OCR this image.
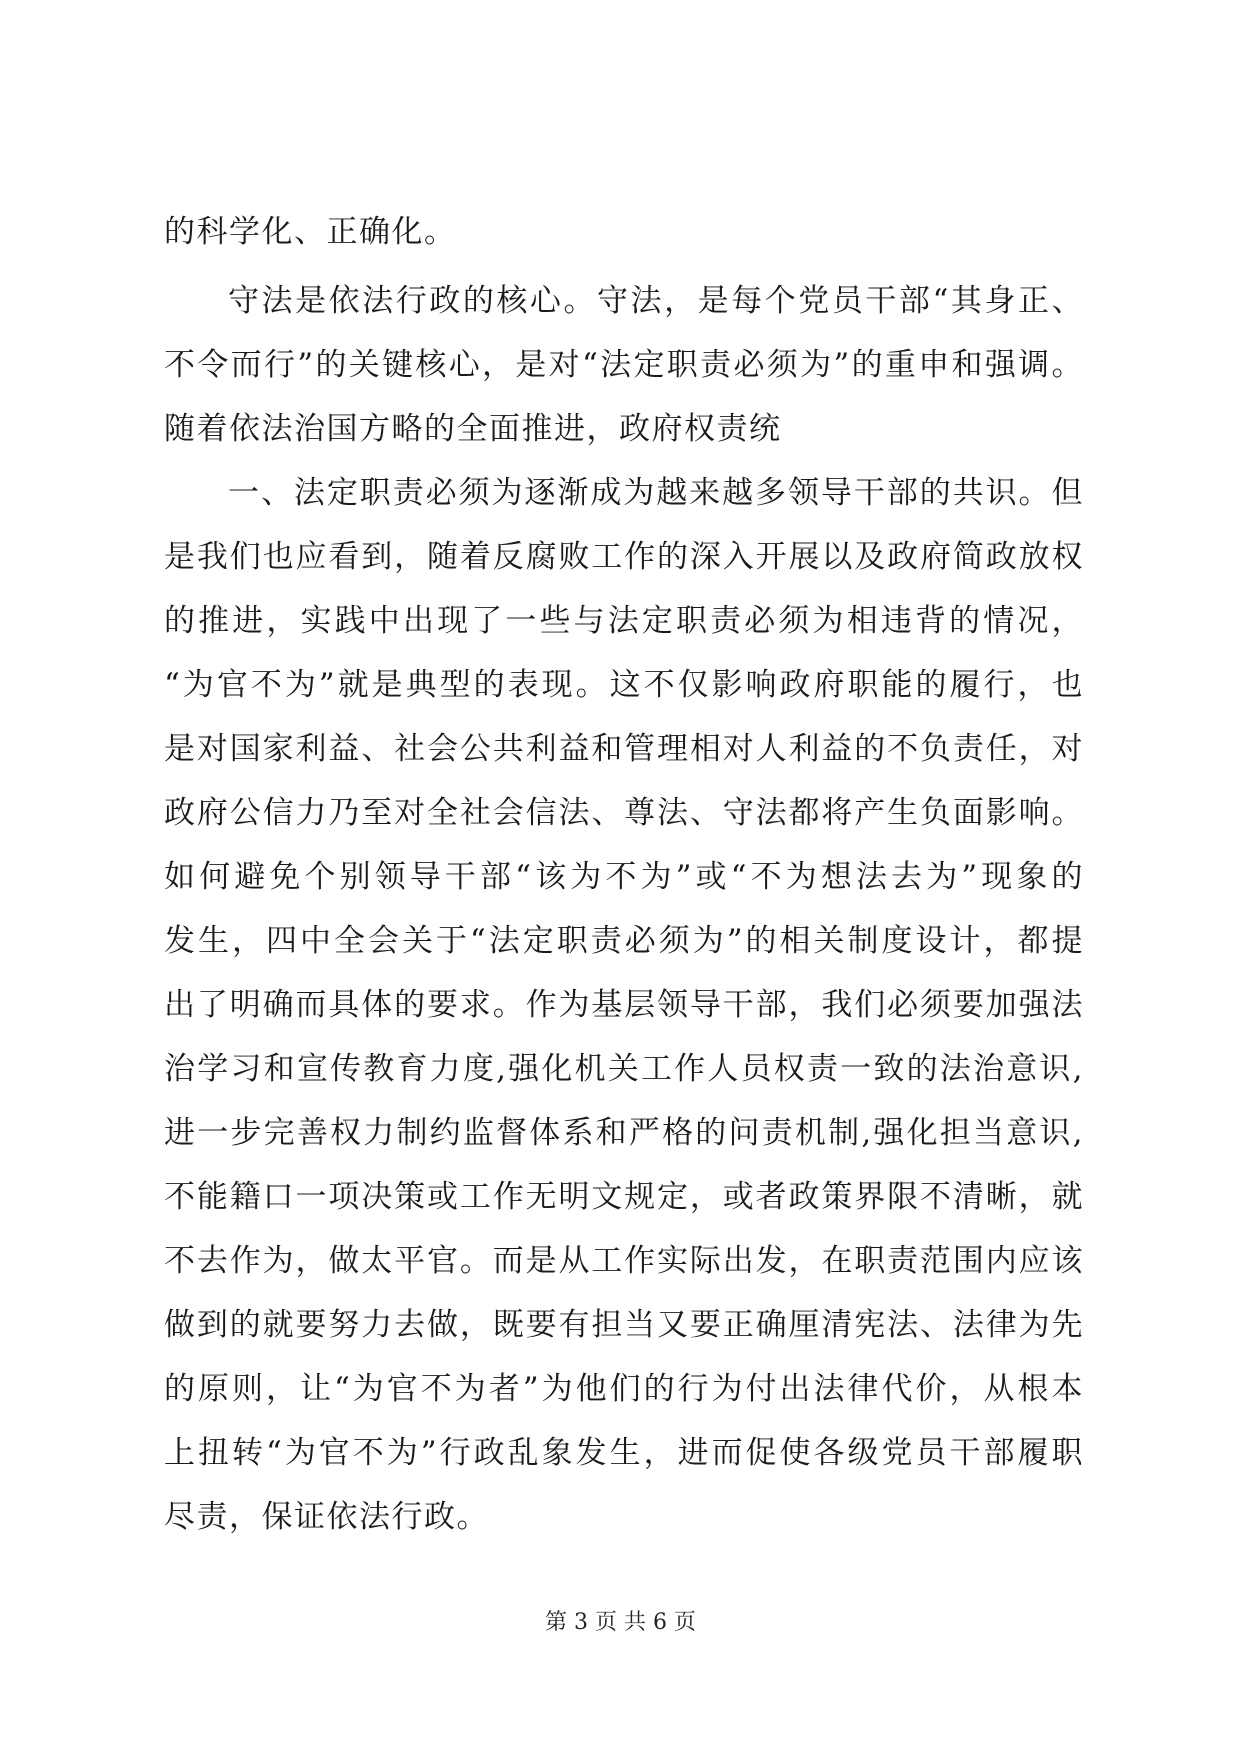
的科学化、正确化。
守法是依法行政的核心。守法，是每个党员干部“其身正、
不令而行”的关键核心，是对“法定职责必须为”的重申和强调。
随着依法治国方略的全面推进，政府权责统
一、法定职责必须为逐渐成为越来越多领导干部的共识。但
是我们也应看到，随着反腐败工作的深入开展以及政府简政放权
的推进，实践中出现了一些与法定职责必须为相违背的情况，
“为官不为”就是典型的表现。这不仅影响政府职能的履行，也
是对国家利益、社会公共利益和管理相对人利益的不负责任，对
政府公信力乃至对全社会信法、尊法、守法都将产生负面影响。
如何避免个别领导干部“该为不为”或“不为想法去为”现象的
发生，四中全会关于“法定职责必须为”的相关制度设计，都提
出了明确而具体的要求。作为基层领导干部，我们必须要加强法
治学习和宣传教育力度,强化机关工作人员权责一致的法治意识,
进一步完善权力制约监督体系和严格的问责机制,强化担当意识,
不能籍口一项决策或工作无明文规定，或者政策界限不清晰，就
不去作为，做太平官。而是从工作实际出发，在职责范围内应该
做到的就要努力去做，既要有担当又要正确厘清宪法、法律为先
的原则，让“为官不为者”为他们的行为付出法律代价，从根本
上扭转“为官不为”行政乱象发生，进而促使各级党员干部履职
尽责，保证依法行政。
第 3 页 共 6 页
